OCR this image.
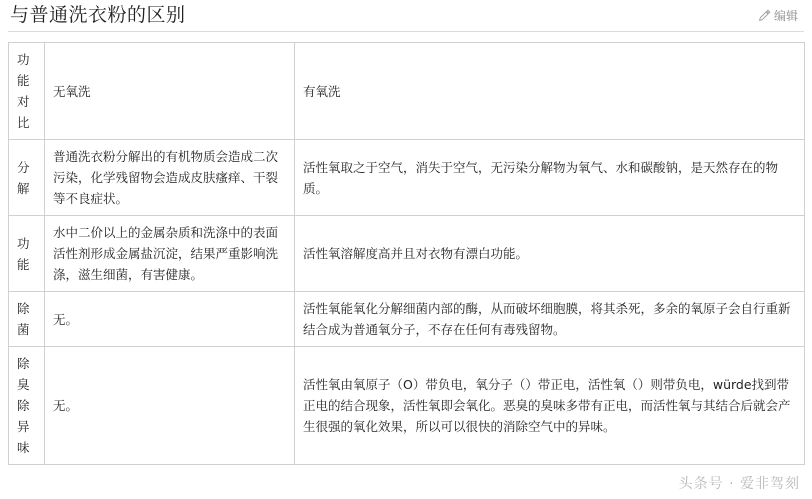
与普通洗衣粉的区别	编辑
功能对比	无氧洗	有氧洗
分解	普通洗衣粉分解出的有机物质会造成二次污染，化学残留物会造成皮肤瘙痒、干裂等不良症状。	活性氧取之于空气，消失于空气，无污染分解物为氧气、水和碳酸钠，是天然存在的物质。
功能	水中二价以上的金属杂质和洗涤中的表面活性剂形成金属盐沉淀，结果严重影响洗涤，滋生细菌，有害健康。	活性氧溶解度高并且对衣物有漂白功能。
除菌	无。	活性氧能氧化分解细菌内部的酶，从而破坏细胞膜，将其杀死，多余的氧原子会自行重新结合成为普通氧分子，不存在任何有毒残留物。
除臭除异味	无。	活性氧由氧原子（O）带负电，氧分子（）带正电，活性氧（）则带负电，würde找到带正电的结合现象，活性氧即会氧化。恶臭的臭味多带有正电，而活性氧与其结合后就会产生很强的氧化效果，所以可以很快的消除空气中的异味。
头条号 · 爱非驾刻
